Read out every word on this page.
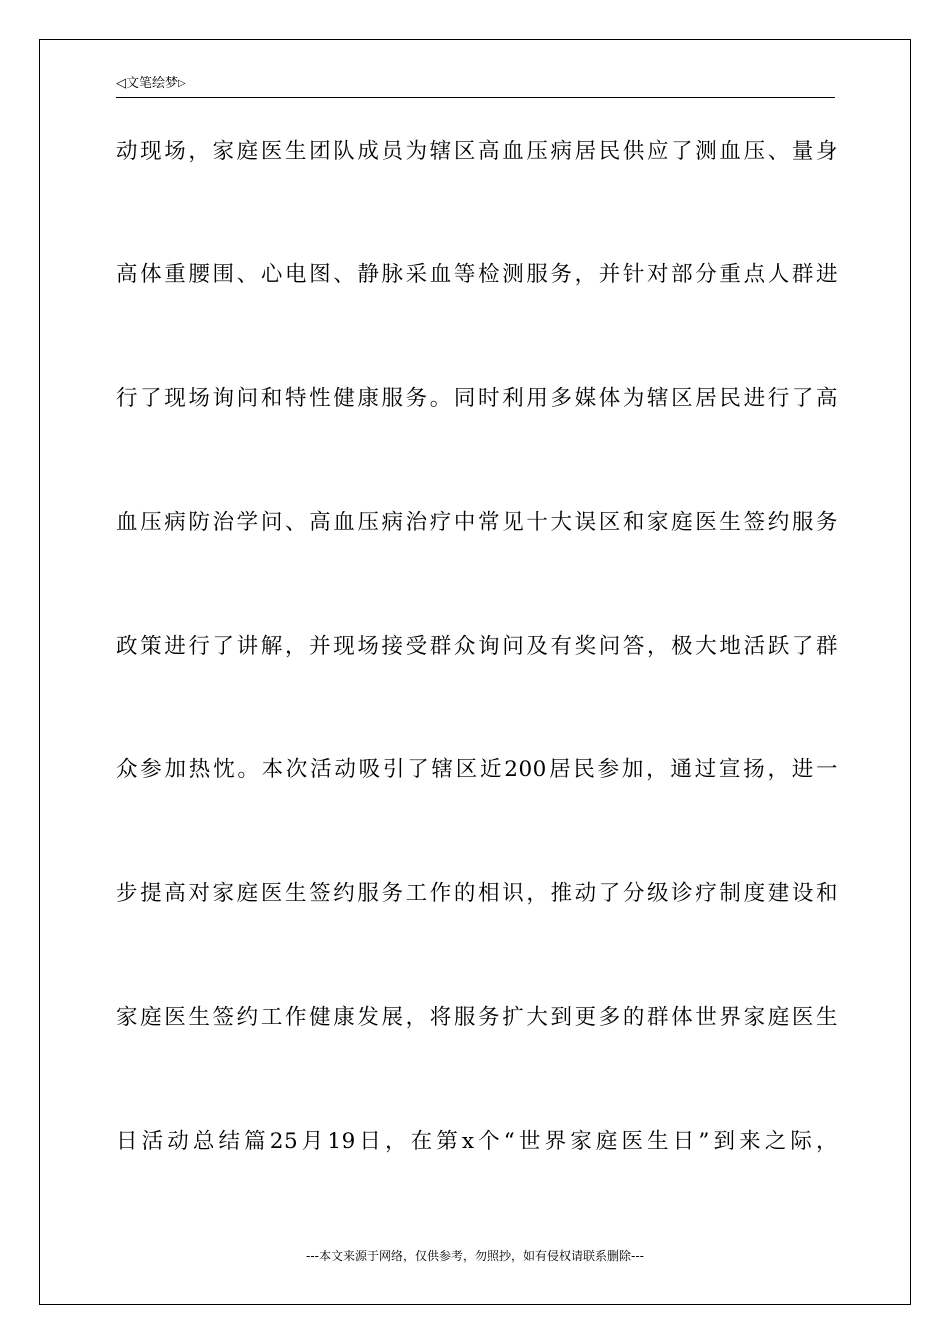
◁文笔绘梦▷
动现场，家庭医生团队成员为辖区高血压病居民供应了测血压、量身
高体重腰围、心电图、静脉采血等检测服务，并针对部分重点人群进
行了现场询问和特性健康服务。同时利用多媒体为辖区居民进行了高
血压病防治学问、高血压病治疗中常见十大误区和家庭医生签约服务
政策进行了讲解，并现场接受群众询问及有奖问答，极大地活跃了群
众参加热忱。本次活动吸引了辖区近200居民参加，通过宣扬，进一
步提高对家庭医生签约服务工作的相识，推动了分级诊疗制度建设和
家庭医生签约工作健康发展，将服务扩大到更多的群体世界家庭医生
日活动总结篇25月19日，在第x个“世界家庭医生日”到来之际，
---本文来源于网络，仅供参考，勿照抄，如有侵权请联系删除---
